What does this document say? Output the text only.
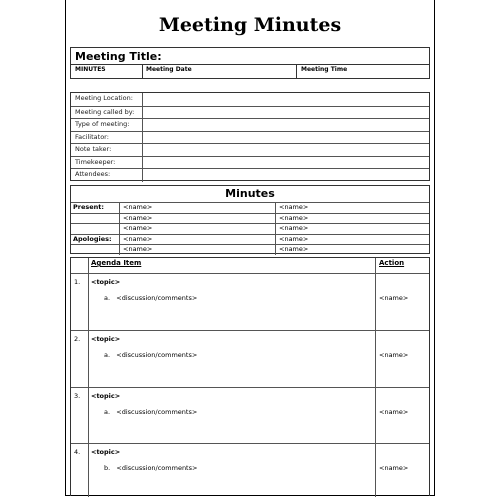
Meeting Minutes
Meeting Title:
MINUTES	Meeting Date	Meeting Time
Meeting Location:
Meeting called by:
Type of meeting:
Facilitator:
Note taker:
Timekeeper:
Attendees:
Minutes
Present:	<name>	<name>
<name>	<name>
<name>	<name>
Apologies: <name>	<name>
<name>	<name>
Agenda Item	Action
1. <topic>
a. <discussion/comments>	<name>
2. <topic>
a. <discussion/comments>	<name>
3. <topic>
a. <discussion/comments>	<name>
4. <topic>
b. <discussion/comments>	<name>
